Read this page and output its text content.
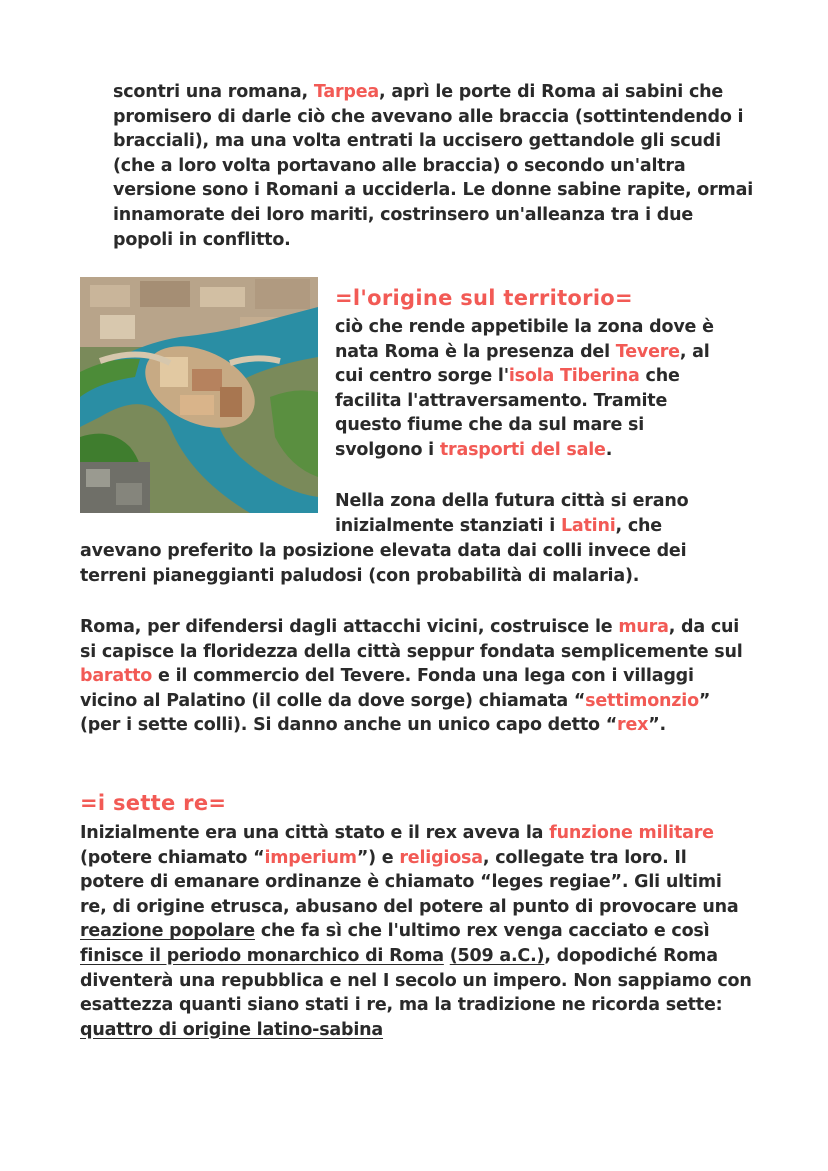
scontri una romana, Tarpea, aprì le porte di Roma ai sabini che promisero di darle ciò che avevano alle braccia (sottintendendo i bracciali), ma una volta entrati la uccisero gettandole gli scudi (che a loro volta portavano alle braccia) o secondo un'altra versione sono i Romani a ucciderla. Le donne sabine rapite, ormai innamorate dei loro mariti, costrinsero un'alleanza tra i due popoli in conflitto.
=l'origine sul territorio=
ciò che rende appetibile la zona dove è nata Roma è la presenza del Tevere, al cui centro sorge l'isola Tiberina che facilita l'attraversamento. Tramite questo fiume che da sul mare si svolgono i trasporti del sale.
Nella zona della futura città si erano inizialmente stanziati i Latini, che
avevano preferito la posizione elevata data dai colli invece dei terreni pianeggianti paludosi (con probabilità di malaria).
Roma, per difendersi dagli attacchi vicini, costruisce le mura, da cui si capisce la floridezza della città seppur fondata semplicemente sul baratto e il commercio del Tevere. Fonda una lega con i villaggi vicino al Palatino (il colle da dove sorge) chiamata “settimonzio” (per i sette colli). Si danno anche un unico capo detto “rex”.
=i sette re=
Inizialmente era una città stato e il rex aveva la funzione militare (potere chiamato “imperium”) e religiosa, collegate tra loro. Il potere di emanare ordinanze è chiamato “leges regiae”. Gli ultimi re, di origine etrusca, abusano del potere al punto di provocare una reazione popolare che fa sì che l'ultimo rex venga cacciato e così finisce il periodo monarchico di Roma (509 a.C.), dopodiché Roma diventerà una repubblica e nel I secolo un impero. Non sappiamo con esattezza quanti siano stati i re, ma la tradizione ne ricorda sette: quattro di origine latino-sabina
